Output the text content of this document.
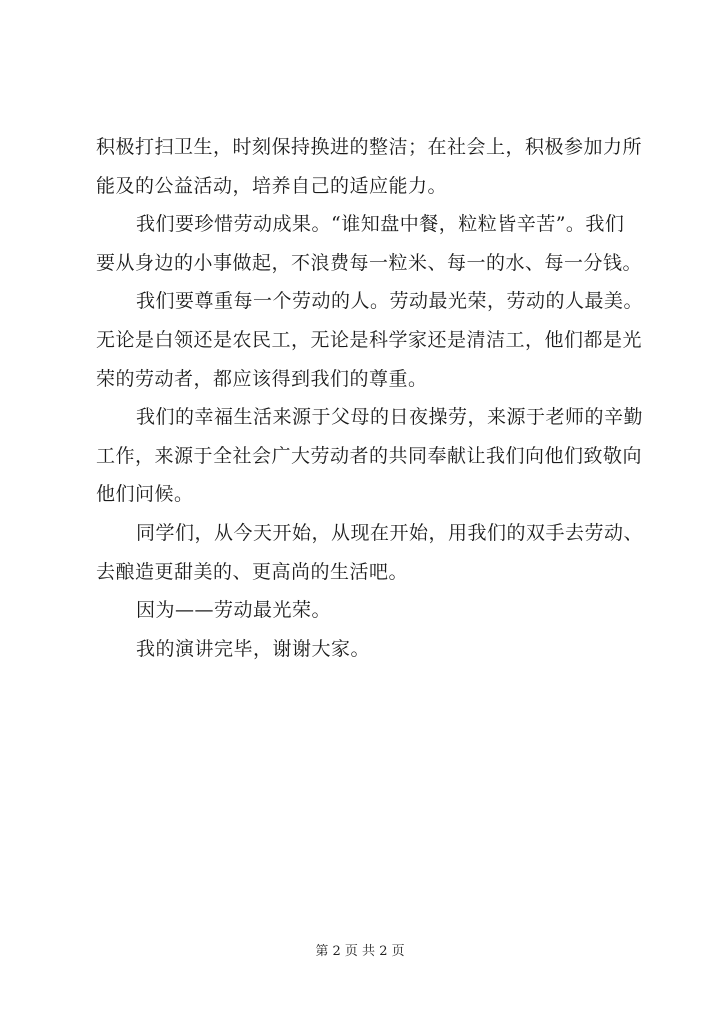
积极打扫卫生，时刻保持换进的整洁；在社会上，积极参加力所
能及的公益活动，培养自己的适应能力。
我们要珍惜劳动成果。“谁知盘中餐，粒粒皆辛苦”。我们
要从身边的小事做起，不浪费每一粒米、每一的水、每一分钱。
我们要尊重每一个劳动的人。劳动最光荣，劳动的人最美。
无论是白领还是农民工，无论是科学家还是清洁工，他们都是光
荣的劳动者，都应该得到我们的尊重。
我们的幸福生活来源于父母的日夜操劳，来源于老师的辛勤
工作，来源于全社会广大劳动者的共同奉献让我们向他们致敬向
他们问候。
同学们，从今天开始，从现在开始，用我们的双手去劳动、
去酿造更甜美的、更高尚的生活吧。
因为——劳动最光荣。
我的演讲完毕，谢谢大家。
第 2 页 共 2 页
